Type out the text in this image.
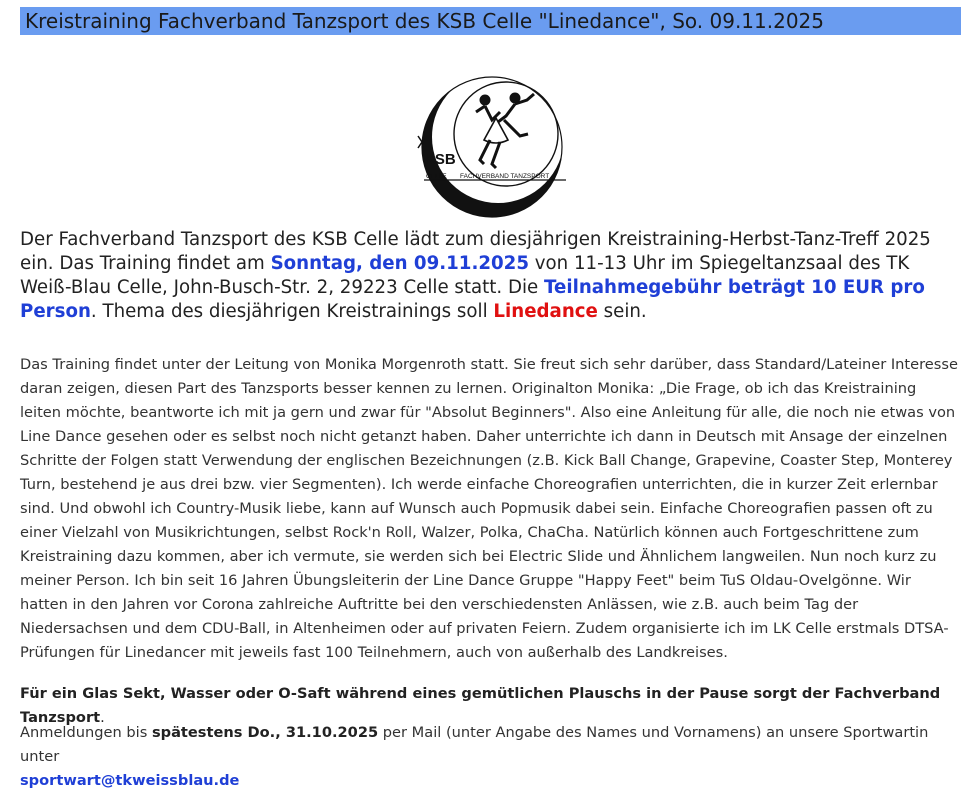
Kreistraining Fachverband Tanzsport des KSB Celle "Linedance", So. 09.11.2025
KSB
CELLE FACHVERBAND TANZSPORT
Der Fachverband Tanzsport des KSB Celle lädt zum diesjährigen Kreistraining-Herbst-Tanz-Treff 2025 ein. Das Training findet am Sonntag, den 09.11.2025 von 11-13 Uhr im Spiegeltanzsaal des TK Weiß-Blau Celle, John-Busch-Str. 2, 29223 Celle statt. Die Teilnahmegebühr beträgt 10 EUR pro Person. Thema des diesjährigen Kreistrainings soll Linedance sein.
Das Training findet unter der Leitung von Monika Morgenroth statt. Sie freut sich sehr darüber, dass Standard/Lateiner Interesse daran zeigen, diesen Part des Tanzsports besser kennen zu lernen. Originalton Monika: „Die Frage, ob ich das Kreistraining leiten möchte, beantworte ich mit ja gern und zwar für "Absolut Beginners". Also eine Anleitung für alle, die noch nie etwas von Line Dance gesehen oder es selbst noch nicht getanzt haben. Daher unterrichte ich dann in Deutsch mit Ansage der einzelnen Schritte der Folgen statt Verwendung der englischen Bezeichnungen (z.B. Kick Ball Change, Grapevine, Coaster Step, Monterey Turn, bestehend je aus drei bzw. vier Segmenten). Ich werde einfache Choreografien unterrichten, die in kurzer Zeit erlernbar sind. Und obwohl ich Country-Musik liebe, kann auf Wunsch auch Popmusik dabei sein. Einfache Choreografien passen oft zu einer Vielzahl von Musikrichtungen, selbst Rock'n Roll, Walzer, Polka, ChaCha. Natürlich können auch Fortgeschrittene zum Kreistraining dazu kommen, aber ich vermute, sie werden sich bei Electric Slide und Ähnlichem langweilen. Nun noch kurz zu meiner Person. Ich bin seit 16 Jahren Übungsleiterin der Line Dance Gruppe "Happy Feet" beim TuS Oldau-Ovelgönne. Wir hatten in den Jahren vor Corona zahlreiche Auftritte bei den verschiedensten Anlässen, wie z.B. auch beim Tag der Niedersachsen und dem CDU-Ball, in Altenheimen oder auf privaten Feiern. Zudem organisierte ich im LK Celle erstmals DTSA-Prüfungen für Linedancer mit jeweils fast 100 Teilnehmern, auch von außerhalb des Landkreises.
Für ein Glas Sekt, Wasser oder O-Saft während eines gemütlichen Plauschs in der Pause sorgt der Fachverband Tanzsport.
Anmeldungen bis spätestens Do., 31.10.2025 per Mail (unter Angabe des Names und Vornamens) an unsere Sportwartin unter
sportwart@tkweissblau.de
